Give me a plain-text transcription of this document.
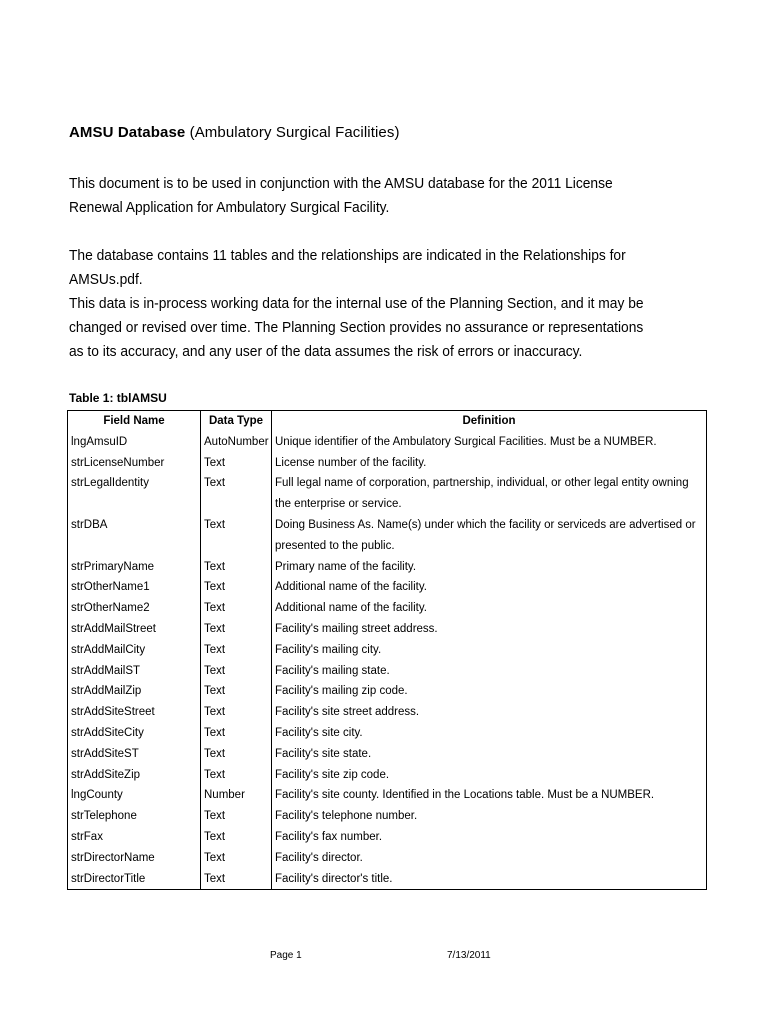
AMSU Database (Ambulatory Surgical Facilities)

This document is to be used in conjunction with the AMSU database for the 2011 License Renewal Application for Ambulatory Surgical Facility.

The database contains 11 tables and the relationships are indicated in the Relationships for AMSUs.pdf.

This data is in-process working data for the internal use of the Planning Section, and it may be changed or revised over time. The Planning Section provides no assurance or representations as to its accuracy, and any user of the data assumes the risk of errors or inaccuracy.

Table 1: tblAMSU
Field Name	Data Type	Definition
lngAmsuID	AutoNumber	Unique identifier of the Ambulatory Surgical Facilities. Must be a NUMBER.
strLicenseNumber	Text	License number of the facility.
strLegalIdentity	Text	Full legal name of corporation, partnership, individual, or other legal entity owning the enterprise or service.
strDBA	Text	Doing Business As. Name(s) under which the facility or serviceds are advertised or presented to the public.
strPrimaryName	Text	Primary name of the facility.
strOtherName1	Text	Additional name of the facility.
strOtherName2	Text	Additional name of the facility.
strAddMailStreet	Text	Facility's mailing street address.
strAddMailCity	Text	Facility's mailing city.
strAddMailST	Text	Facility's mailing state.
strAddMailZip	Text	Facility's mailing zip code.
strAddSiteStreet	Text	Facility's site street address.
strAddSiteCity	Text	Facility's site city.
strAddSiteST	Text	Facility's site state.
strAddSiteZip	Text	Facility's site zip code.
lngCounty	Number	Facility's site county. Identified in the Locations table. Must be a NUMBER.
strTelephone	Text	Facility's telephone number.
strFax	Text	Facility's fax number.
strDirectorName	Text	Facility's director.
strDirectorTitle	Text	Facility's director's title.
Page 1	7/13/2011
